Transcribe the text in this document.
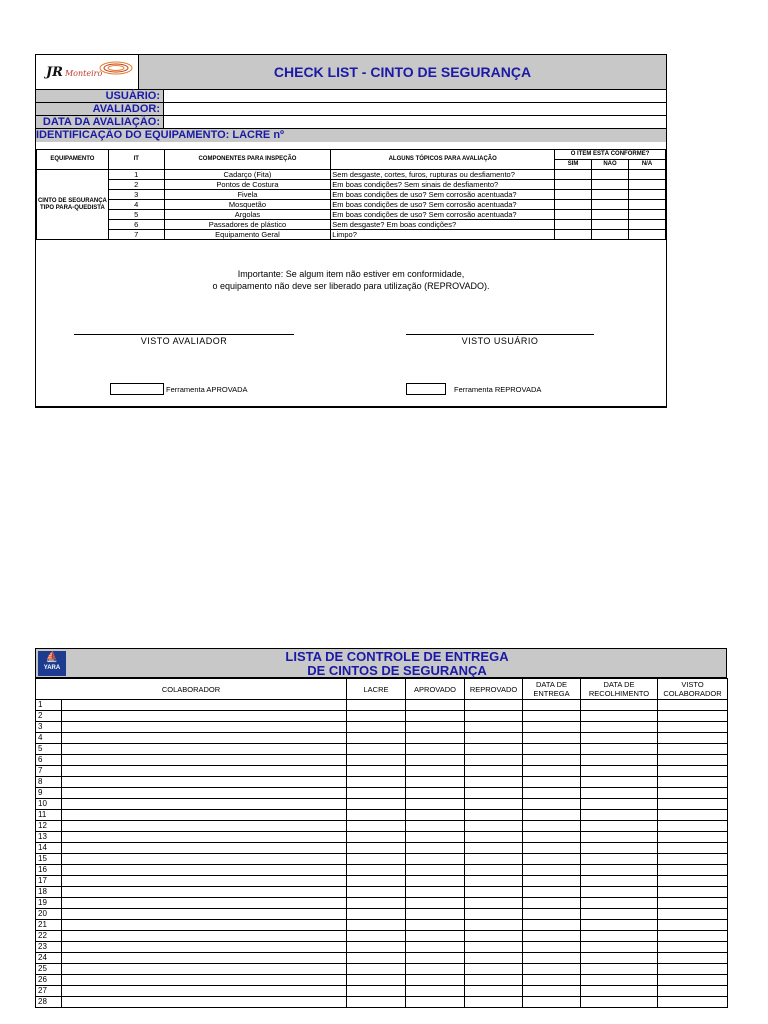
JR Monteiro	CHECK LIST - CINTO DE SEGURANÇA
USUÁRIO:
AVALIADOR:
DATA DA AVALIAÇÃO:
IDENTIFICAÇÃO DO EQUIPAMENTO: LACRE nº
EQUIPAMENTO	IT	COMPONENTES PARA INSPEÇÃO	ALGUNS TÓPICOS PARA AVALIAÇÃO	O ITEM ESTÁ CONFORME?		
				SIM	NÃO	N/A
CINTO DE SEGURANÇA TIPO PARA-QUEDISTA	1	Cadarço (Fita)	Sem desgaste, cortes, furos, rupturas ou desfiamento?			
	2	Pontos de Costura	Em boas condições? Sem sinais de desfiamento?			
	3	Fivela	Em boas condições de uso? Sem corrosão acentuada?			
	4	Mosquetão	Em boas condições de uso? Sem corrosão acentuada?			
	5	Argolas	Em boas condições de uso? Sem corrosão acentuada?			
	6	Passadores de plástico	Sem desgaste? Em boas condições?			
	7	Equipamento Geral	Limpo?			
Importante: Se algum item não estiver em conformidade,
o equipamento não deve ser liberado para utilização (REPROVADO).
VISTO AVALIADOR	VISTO USUÁRIO
Ferramenta APROVADA	Ferramenta REPROVADA
⛵
YARA
LISTA DE CONTROLE DE ENTREGA
DE CINTOS DE SEGURANÇA
COLABORADOR		LACRE	APROVADO	REPROVADO	DATA DE ENTREGA	DATA DE RECOLHIMENTO	VISTO COLABORADOR
1							
2							
3							
4							
5							
6							
7							
8							
9							
10							
11							
12							
13							
14							
15							
16							
17							
18							
19							
20							
21							
22							
23							
24							
25							
26							
27							
28							
